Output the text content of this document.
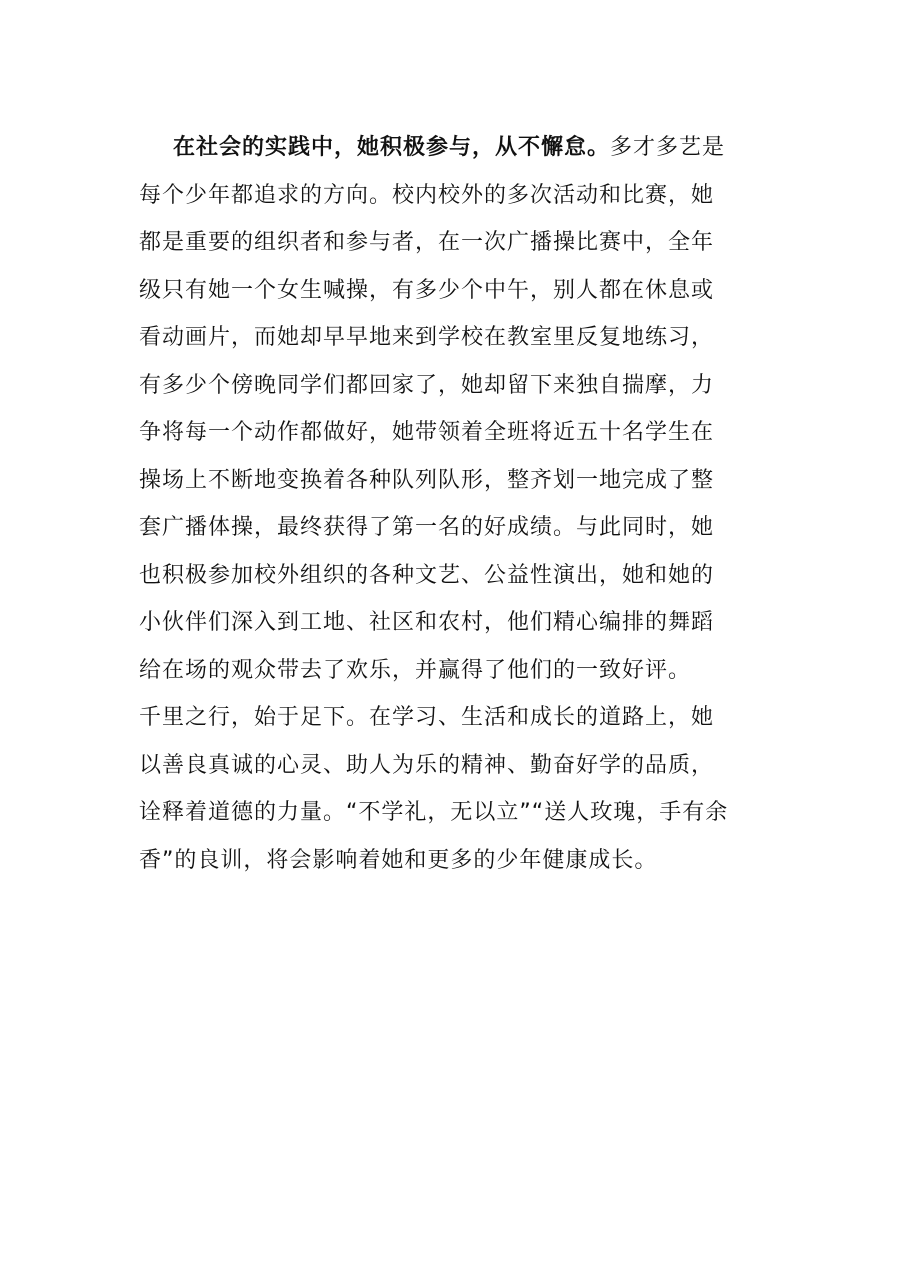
在社会的实践中，她积极参与，从不懈怠。多才多艺是
每个少年都追求的方向。校内校外的多次活动和比赛，她
都是重要的组织者和参与者，在一次广播操比赛中，全年
级只有她一个女生喊操，有多少个中午，别人都在休息或
看动画片，而她却早早地来到学校在教室里反复地练习，
有多少个傍晚同学们都回家了，她却留下来独自揣摩，力
争将每一个动作都做好，她带领着全班将近五十名学生在
操场上不断地变换着各种队列队形，整齐划一地完成了整
套广播体操，最终获得了第一名的好成绩。与此同时，她
也积极参加校外组织的各种文艺、公益性演出，她和她的
小伙伴们深入到工地、社区和农村，他们精心编排的舞蹈
给在场的观众带去了欢乐，并赢得了他们的一致好评。
千里之行，始于足下。在学习、生活和成长的道路上，她
以善良真诚的心灵、助人为乐的精神、勤奋好学的品质，
诠释着道德的力量。“不学礼，无以立”“送人玫瑰，手有余
香”的良训，将会影响着她和更多的少年健康成长。
